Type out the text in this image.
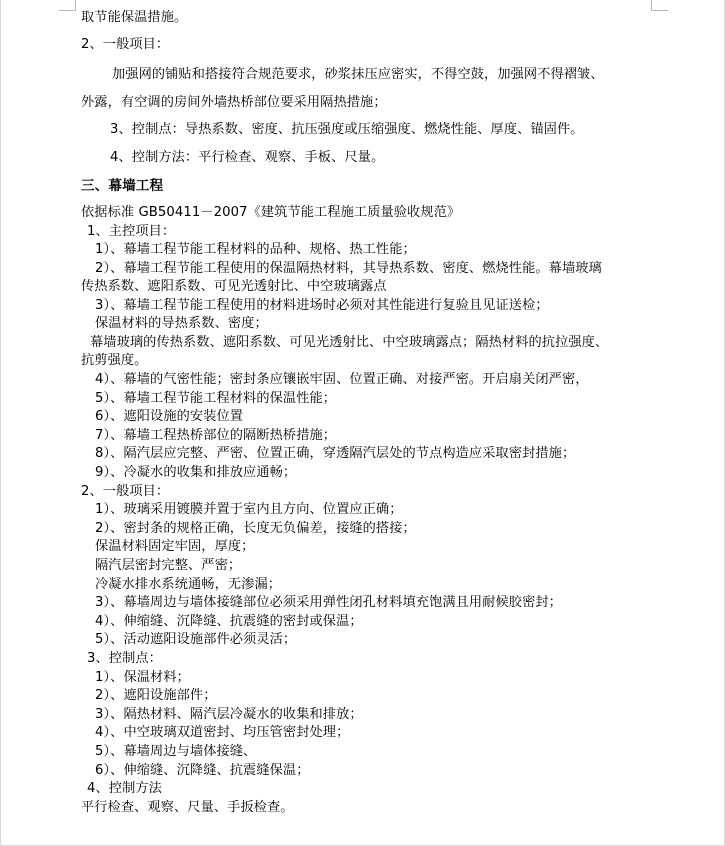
取节能保温措施。
2、一般项目：
加强网的铺贴和搭接符合规范要求，砂浆抹压应密实，不得空鼓，加强网不得褶皱、
外露，有空调的房间外墙热桥部位要采用隔热措施；
3、控制点：导热系数、密度、抗压强度或压缩强度、燃烧性能、厚度、锚固件。
4、控制方法：平行检查、观察、手板、尺量。
三、幕墙工程
依据标准 GB50411－2007《建筑节能工程施工质量验收规范》
1、主控项目：
1）、幕墙工程节能工程材料的品种、规格、热工性能；
2）、幕墙工程节能工程使用的保温隔热材料，其导热系数、密度、燃烧性能。幕墙玻璃
传热系数、遮阳系数、可见光透射比、中空玻璃露点
3）、幕墙工程节能工程使用的材料进场时必须对其性能进行复验且见证送检；
保温材料的导热系数、密度；
幕墙玻璃的传热系数、遮阳系数、可见光透射比、中空玻璃露点；隔热材料的抗拉强度、
抗剪强度。
4）、幕墙的气密性能；密封条应镶嵌牢固、位置正确、对接严密。开启扇关闭严密，
5）、幕墙工程节能工程材料的保温性能；
6）、遮阳设施的安装位置
7）、幕墙工程热桥部位的隔断热桥措施；
8）、隔汽层应完整、严密、位置正确，穿透隔汽层处的节点构造应采取密封措施；
9）、冷凝水的收集和排放应通畅；
2、一般项目：
1）、玻璃采用镀膜并置于室内且方向、位置应正确；
2）、密封条的规格正确，长度无负偏差，接缝的搭接；
保温材料固定牢固，厚度；
隔汽层密封完整、严密；
冷凝水排水系统通畅，无渗漏；
3）、幕墙周边与墙体接缝部位必须采用弹性闭孔材料填充饱满且用耐候胶密封；
4）、伸缩缝、沉降缝、抗震缝的密封或保温；
5）、活动遮阳设施部件必须灵活；
3、控制点：
1）、保温材料；
2）、遮阳设施部件；
3）、隔热材料、隔汽层冷凝水的收集和排放；
4）、中空玻璃双道密封、均压管密封处理；
5）、幕墙周边与墙体接缝、
6）、伸缩缝、沉降缝、抗震缝保温；
4、控制方法
平行检查、观察、尺量、手扳检查。
